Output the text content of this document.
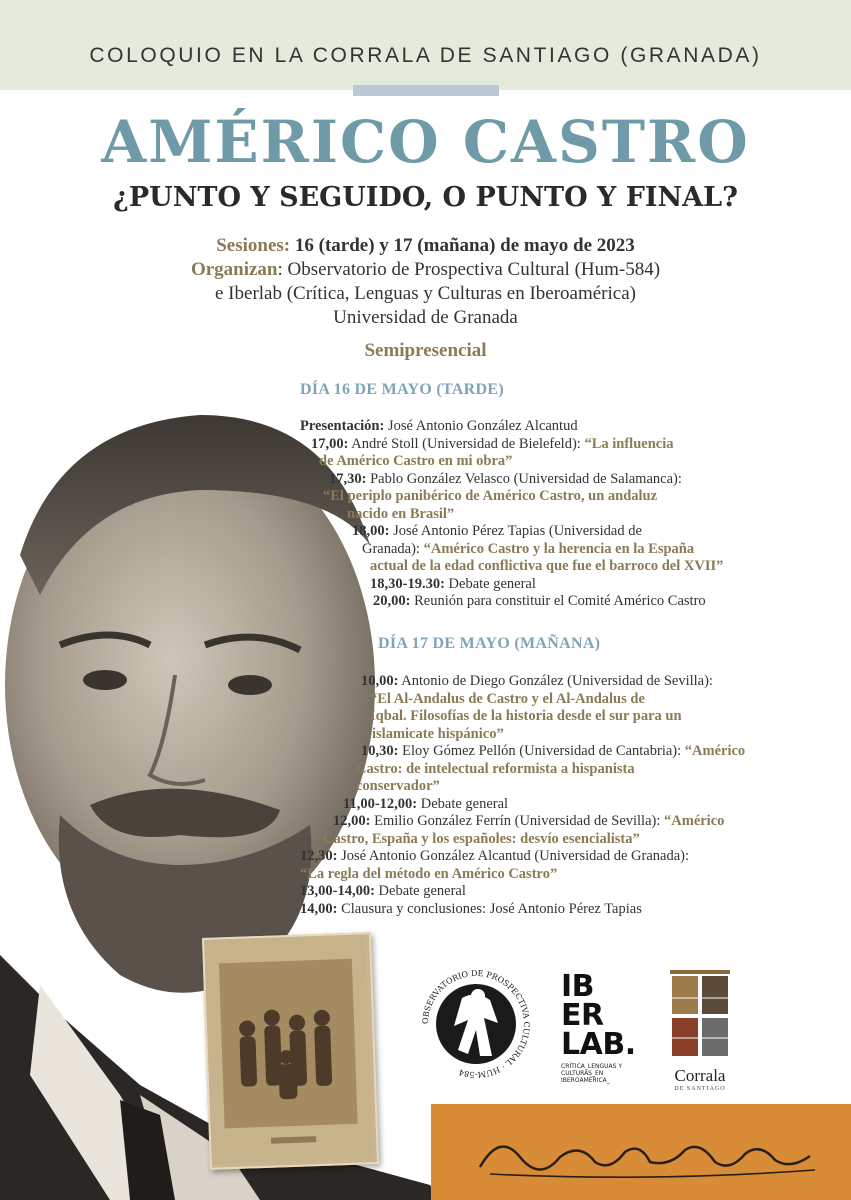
COLOQUIO EN LA CORRALA DE SANTIAGO (GRANADA)
AMÉRICO CASTRO
¿PUNTO Y SEGUIDO, O PUNTO Y FINAL?
Sesiones: 16 (tarde) y 17 (mañana) de mayo de 2023
Organizan: Observatorio de Prospectiva Cultural (Hum-584)
e Iberlab (Crítica, Lenguas y Culturas en Iberoamérica)
Universidad de Granada
Semipresencial
DÍA 16 DE MAYO (TARDE)
Presentación: José Antonio González Alcantud
17,00: André Stoll (Universidad de Bielefeld): “La influencia
de Américo Castro en mi obra”
17,30: Pablo González Velasco (Universidad de Salamanca):
“El periplo panibérico de Américo Castro, un andaluz
nacido en Brasil”
18,00: José Antonio Pérez Tapias (Universidad de
Granada): “Américo Castro y la herencia en la España
actual de la edad conflictiva que fue el barroco del XVII”
18,30-19.30: Debate general
20,00: Reunión para constituir el Comité Américo Castro
DÍA 17 DE MAYO (MAÑANA)
10,00: Antonio de Diego González (Universidad de Sevilla):
“El Al-Andalus de Castro y el Al-Andalus de
Iqbal. Filosofías de la historia desde el sur para un
islamicate hispánico”
10,30: Eloy Gómez Pellón (Universidad de Cantabria): “Américo
Castro: de intelectual reformista a hispanista
conservador”
11,00-12,00: Debate general
12,00: Emilio González Ferrín (Universidad de Sevilla): “Américo
Castro, España y los españoles: desvío esencialista”
12,30: José Antonio González Alcantud (Universidad de Granada):
“La regla del método en Américo Castro”
13,00-14,00: Debate general
14,00: Clausura y conclusiones: José Antonio Pérez Tapias
OBSERVATORIO DE PROSPECTIVA CULTURAL · HUM-584
IB
ER
LAB.
CRÍTICA_LENGUAS Y CULTURAS_EN IBEROAMÉRICA_	Corrala
DE SANTIAGO
